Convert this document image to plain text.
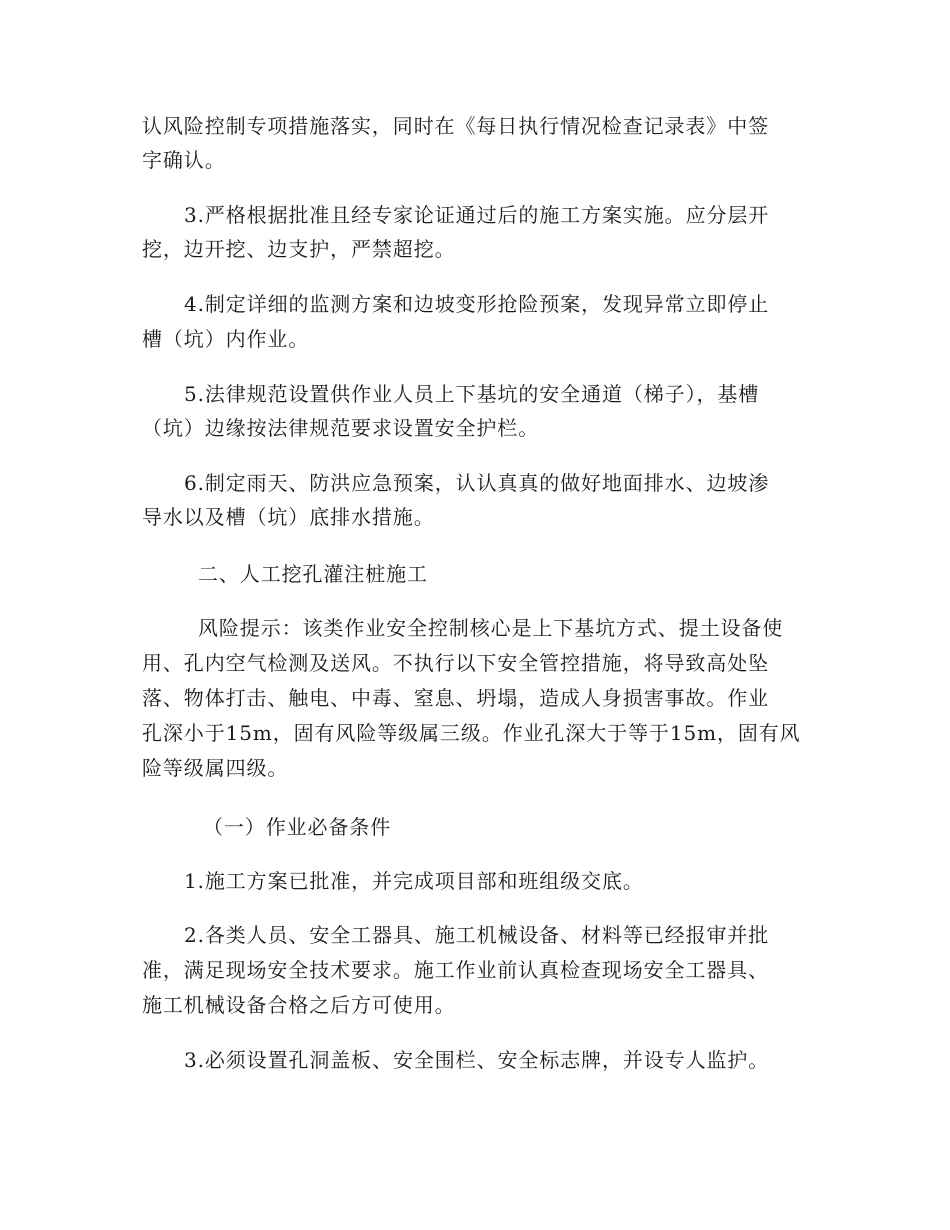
认风险控制专项措施落实，同时在《每日执行情况检查记录表》中签
字确认。
3.严格根据批准且经专家论证通过后的施工方案实施。应分层开
挖，边开挖、边支护，严禁超挖。
4.制定详细的监测方案和边坡变形抢险预案，发现异常立即停止
槽（坑）内作业。
5.法律规范设置供作业人员上下基坑的安全通道（梯子），基槽
（坑）边缘按法律规范要求设置安全护栏。
6.制定雨天、防洪应急预案，认认真真的做好地面排水、边坡渗
导水以及槽（坑）底排水措施。
二、人工挖孔灌注桩施工
风险提示：该类作业安全控制核心是上下基坑方式、提土设备使
用、孔内空气检测及送风。不执行以下安全管控措施，将导致高处坠
落、物体打击、触电、中毒、窒息、坍塌，造成人身损害事故。作业
孔深小于15m，固有风险等级属三级。作业孔深大于等于15m，固有风
险等级属四级。
（一）作业必备条件
1.施工方案已批准，并完成项目部和班组级交底。
2.各类人员、安全工器具、施工机械设备、材料等已经报审并批
准，满足现场安全技术要求。施工作业前认真检查现场安全工器具、
施工机械设备合格之后方可使用。
3.必须设置孔洞盖板、安全围栏、安全标志牌，并设专人监护。
